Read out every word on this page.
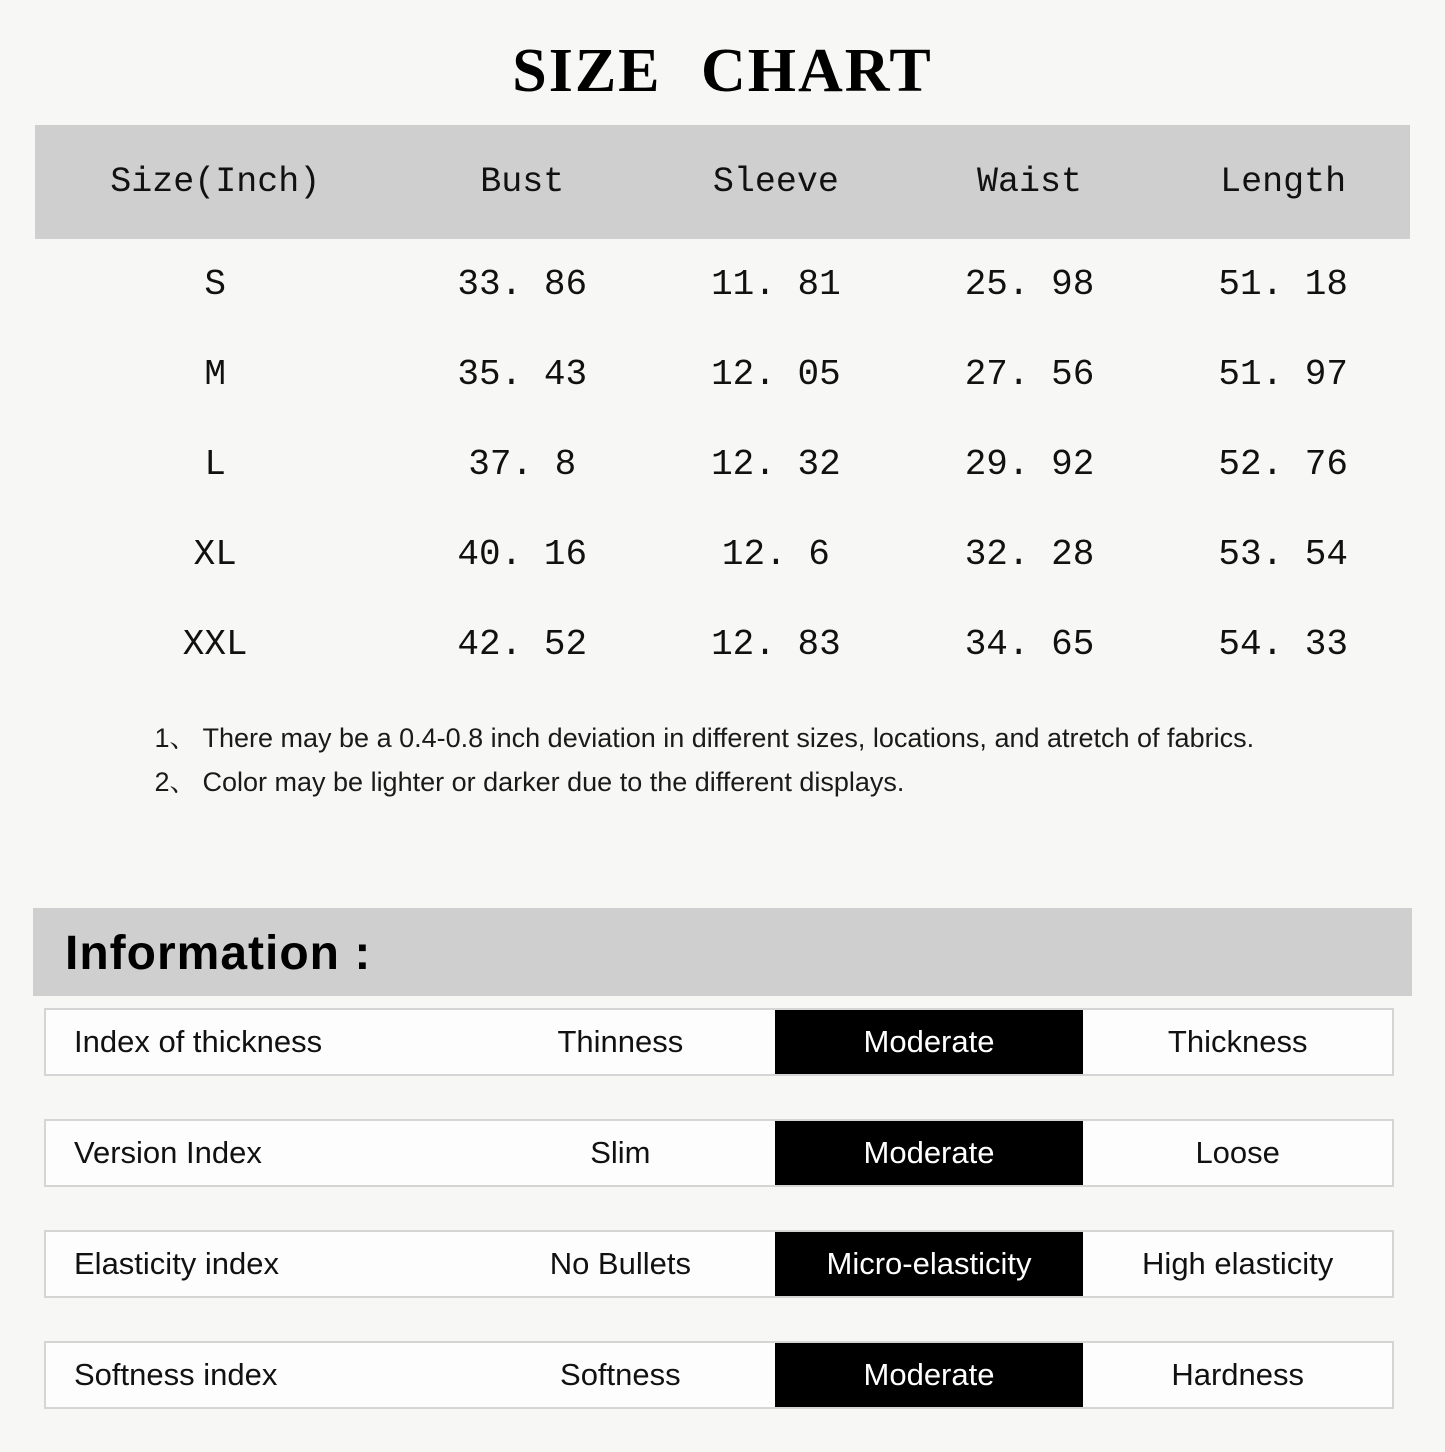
SIZE CHART
Size(Inch)	Bust	Sleeve	Waist	Length
S	33. 86	11. 81	25. 98	51. 18
M	35. 43	12. 05	27. 56	51. 97
L	37. 8	12. 32	29. 92	52. 76
XL	40. 16	12. 6	32. 28	53. 54
XXL	42. 52	12. 83	34. 65	54. 33
1、 There may be a 0.4-0.8 inch deviation in different sizes, locations, and atretch of fabrics.
2、 Color may be lighter or darker due to the different displays.
Information :
Index of thickness	Thinness	Moderate	Thickness
Version Index	Slim	Moderate	Loose
Elasticity index	No Bullets	Micro-elasticity	High elasticity
Softness index	Softness	Moderate	Hardness
